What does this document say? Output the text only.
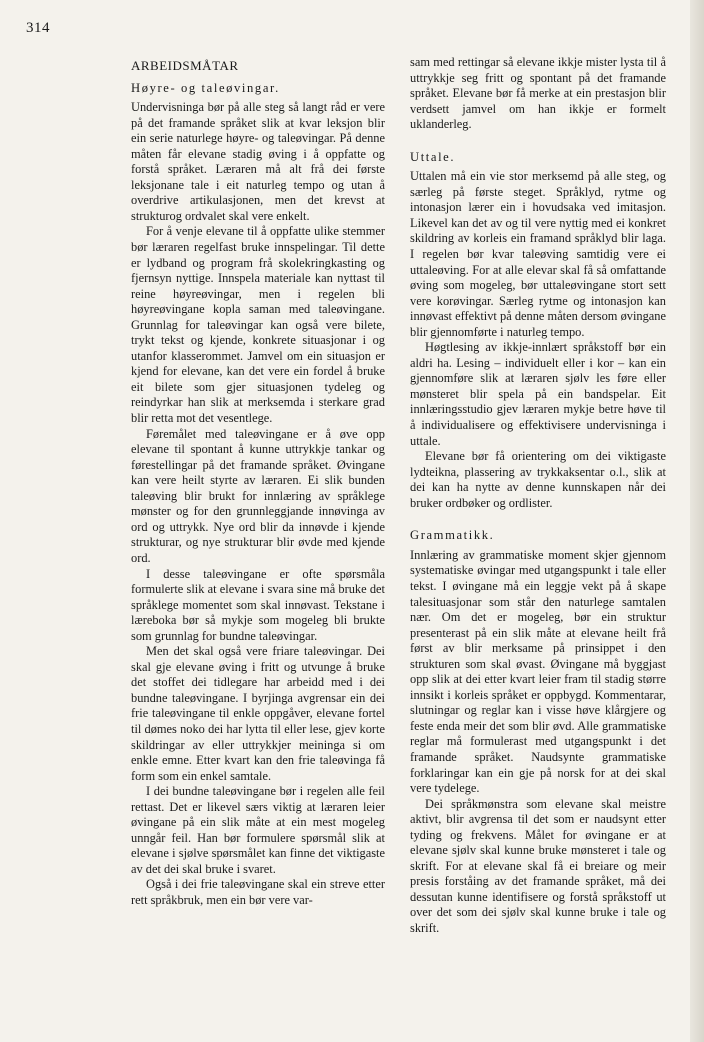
314
ARBEIDSMÅTAR
Høyre- og taleøvingar.

Undervisninga bør på alle steg så langt råd er vere på det framande språket slik at kvar leksjon blir ein serie naturlege høyre- og taleøvingar. På denne måten får elevane stadig øving i å oppfatte og forstå språket. Læraren må alt frå dei første leksjonane tale i eit naturleg tempo og utan å overdrive artikulasjonen, men det krevst at strukturog ordvalet skal vere enkelt.

For å venje elevane til å oppfatte ulike stemmer bør læraren regelfast bruke innspelingar. Til dette er lydband og program frå skolekringkasting og fjernsyn nyttige. Innspela materiale kan nyttast til reine høyreøvingar, men i regelen bli høyreøvingane kopla saman med taleøvingane. Grunnlag for taleøvingar kan også vere bilete, trykt tekst og kjende, konkrete situasjonar i og utanfor klasserommet. Jamvel om ein situasjon er kjend for elevane, kan det vere ein fordel å bruke eit bilete som gjer situasjonen tydeleg og reindyrkar han slik at merksemda i sterkare grad blir retta mot det vesentlege.

Føremålet med taleøvingane er å øve opp elevane til spontant å kunne uttrykkje tankar og førestellingar på det framande språket. Øvingane kan vere heilt styrte av læraren. Ei slik bunden taleøving blir brukt for innlæring av språklege mønster og for den grunnleggjande innøvinga av ord og uttrykk. Nye ord blir da innøvde i kjende strukturar, og nye strukturar blir øvde med kjende ord.

I desse taleøvingane er ofte spørsmåla formulerte slik at elevane i svara sine må bruke det språklege momentet som skal innøvast. Tekstane i læreboka bør så mykje som mogeleg bli brukte som grunnlag for bundne taleøvingar.

Men det skal også vere friare taleøvingar. Dei skal gje elevane øving i fritt og utvunge å bruke det stoffet dei tidlegare har arbeidd med i dei bundne taleøvingane. I byrjinga avgrensar ein dei frie taleøvingane til enkle oppgåver, elevane fortel til dømes noko dei har lytta til eller lese, gjev korte skildringar av eller uttrykkjer meininga si om enkle emne. Etter kvart kan den frie taleøvinga få form som ein enkel samtale.

I dei bundne taleøvingane bør i regelen alle feil rettast. Det er likevel særs viktig at læraren leier øvingane på ein slik måte at ein mest mogeleg unngår feil. Han bør formulere spørsmål slik at elevane i sjølve spørsmålet kan finne det viktigaste av det dei skal bruke i svaret.

Også i dei frie taleøvingane skal ein streve etter rett språkbruk, men ein bør vere var-

sam med rettingar så elevane ikkje mister lysta til å uttrykkje seg fritt og spontant på det framande språket. Elevane bør få merke at ein prestasjon blir verdsett jamvel om han ikkje er formelt uklanderleg.

Uttale.

Uttalen må ein vie stor merksemd på alle steg, og særleg på første steget. Språklyd, rytme og intonasjon lærer ein i hovudsaka ved imitasjon. Likevel kan det av og til vere nyttig med ei konkret skildring av korleis ein framand språklyd blir laga. I regelen bør kvar taleøving samtidig vere ei uttaleøving. For at alle elevar skal få så omfattande øving som mogeleg, bør uttaleøvingane stort sett vere korøvingar. Særleg rytme og intonasjon kan innøvast effektivt på denne måten dersom øvingane blir gjennomførte i naturleg tempo.

Høgtlesing av ikkje-innlært språkstoff bør ein aldri ha. Lesing – individuelt eller i kor – kan ein gjennomføre slik at læraren sjølv les føre eller mønsteret blir spela på ein bandspelar. Eit innlæringsstudio gjev læraren mykje betre høve til å individualisere og effektivisere undervisninga i uttale.

Elevane bør få orientering om dei viktigaste lydteikna, plassering av trykkaksentar o.l., slik at dei kan ha nytte av denne kunnskapen når dei bruker ordbøker og ordlister.

Grammatikk.

Innlæring av grammatiske moment skjer gjennom systematiske øvingar med utgangspunkt i tale eller tekst. I øvingane må ein leggje vekt på å skape talesituasjonar som står den naturlege samtalen nær. Om det er mogeleg, bør ein struktur presenterast på ein slik måte at elevane heilt frå først av blir merksame på prinsippet i den strukturen som skal øvast. Øvingane må byggjast opp slik at dei etter kvart leier fram til stadig større innsikt i korleis språket er oppbygd. Kommentarar, slutningar og reglar kan i visse høve klårgjere og feste enda meir det som blir øvd. Alle grammatiske reglar må formulerast med utgangspunkt i det framande språket. Naudsynte grammatiske forklaringar kan ein gje på norsk for at dei skal vere tydelege.

Dei språkmønstra som elevane skal meistre aktivt, blir avgrensa til det som er naudsynt etter tyding og frekvens. Målet for øvingane er at elevane sjølv skal kunne bruke mønsteret i tale og skrift. For at elevane skal få ei breiare og meir presis forståing av det framande språket, må dei dessutan kunne identifisere og forstå språkstoff ut over det som dei sjølv skal kunne bruke i tale og skrift.
